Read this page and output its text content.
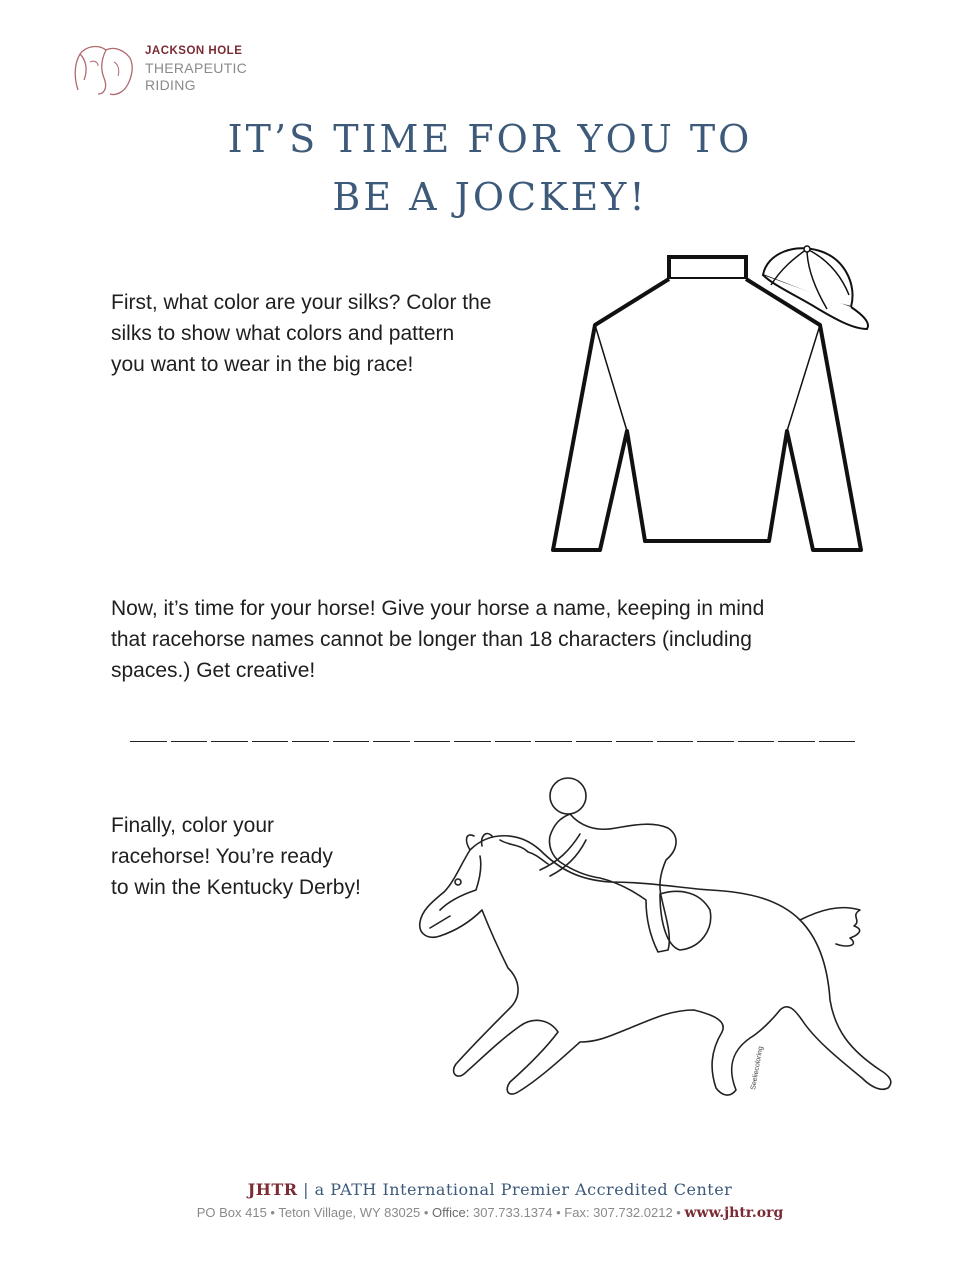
JACKSON HOLE
THERAPEUTIC
RIDING
IT’S TIME FOR YOU TO
BE A JOCKEY!
First, what color are your silks? Color the
silks to show what colors and pattern
you want to wear in the big race!
Now, it’s time for your horse! Give your horse a name, keeping in mind
that racehorse names cannot be longer than 18 characters (including
spaces.) Get creative!
Finally, color your
racehorse! You’re ready
to win the Kentucky Derby!
Seeliecoloring
JHTR | a PATH International Premier Accredited Center
PO Box 415 • Teton Village, WY 83025 • Office: 307.733.1374 • Fax: 307.732.0212 • www.jhtr.org
